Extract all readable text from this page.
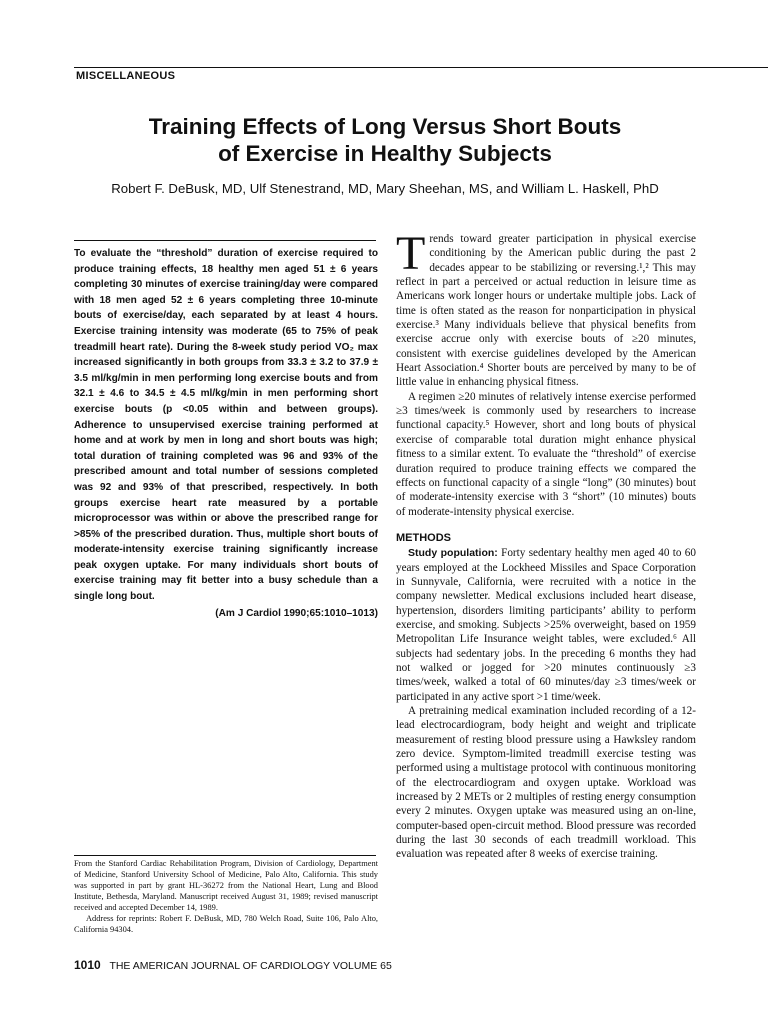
MISCELLANEOUS
Training Effects of Long Versus Short Bouts
of Exercise in Healthy Subjects
Robert F. DeBusk, MD, Ulf Stenestrand, MD, Mary Sheehan, MS, and William L. Haskell, PhD
To evaluate the “threshold” duration of exercise required to produce training effects, 18 healthy men aged 51 ± 6 years completing 30 minutes of exercise training/day were compared with 18 men aged 52 ± 6 years completing three 10-minute bouts of exercise/day, each separated by at least 4 hours. Exercise training intensity was moderate (65 to 75% of peak treadmill heart rate). During the 8-week study period VO₂ max increased significantly in both groups from 33.3 ± 3.2 to 37.9 ± 3.5 ml/kg/min in men performing long exercise bouts and from 32.1 ± 4.6 to 34.5 ± 4.5 ml/kg/min in men performing short exercise bouts (p <0.05 within and between groups). Adherence to unsupervised exercise training performed at home and at work by men in long and short bouts was high; total duration of training completed was 96 and 93% of the prescribed amount and total number of sessions completed was 92 and 93% of that prescribed, respectively. In both groups exercise heart rate measured by a portable microprocessor was within or above the prescribed range for >85% of the prescribed duration. Thus, multiple short bouts of moderate-intensity exercise training significantly increase peak oxygen uptake. For many individuals short bouts of exercise training may fit better into a busy schedule than a single long bout.
(Am J Cardiol 1990;65:1010–1013)

From the Stanford Cardiac Rehabilitation Program, Division of Cardiology, Department of Medicine, Stanford University School of Medicine, Palo Alto, California. This study was supported in part by grant HL-36272 from the National Heart, Lung and Blood Institute, Bethesda, Maryland. Manuscript received August 31, 1989; revised manuscript received and accepted December 14, 1989.

Address for reprints: Robert F. DeBusk, MD, 780 Welch Road, Suite 106, Palo Alto, California 94304.

1010 THE AMERICAN JOURNAL OF CARDIOLOGY VOLUME 65

Trends toward greater participation in physical exercise conditioning by the American public during the past 2 decades appear to be stabilizing or reversing.¹,² This may reflect in part a perceived or actual reduction in leisure time as Americans work longer hours or undertake multiple jobs. Lack of time is often stated as the reason for nonparticipation in physical exercise.³ Many individuals believe that physical benefits from exercise accrue only with exercise bouts of ≥20 minutes, consistent with exercise guidelines developed by the American Heart Association.⁴ Shorter bouts are perceived by many to be of little value in enhancing physical fitness.

A regimen ≥20 minutes of relatively intense exercise performed ≥3 times/week is commonly used by researchers to increase functional capacity.⁵ However, short and long bouts of physical exercise of comparable total duration might enhance physical fitness to a similar extent. To evaluate the “threshold” of exercise duration required to produce training effects we compared the effects on functional capacity of a single “long” (30 minutes) bout of moderate-intensity exercise with 3 “short” (10 minutes) bouts of moderate-intensity physical exercise.

METHODS

Study population: Forty sedentary healthy men aged 40 to 60 years employed at the Lockheed Missiles and Space Corporation in Sunnyvale, California, were recruited with a notice in the company newsletter. Medical exclusions included heart disease, hypertension, disorders limiting participants’ ability to perform exercise, and smoking. Subjects >25% overweight, based on 1959 Metropolitan Life Insurance weight tables, were excluded.⁶ All subjects had sedentary jobs. In the preceding 6 months they had not walked or jogged for >20 minutes continuously ≥3 times/week, walked a total of 60 minutes/day ≥3 times/week or participated in any active sport >1 time/week.

A pretraining medical examination included recording of a 12-lead electrocardiogram, body height and weight and triplicate measurement of resting blood pressure using a Hawksley random zero device. Symptom-limited treadmill exercise testing was performed using a multistage protocol with continuous monitoring of the electrocardiogram and oxygen uptake. Workload was increased by 2 METs or 2 multiples of resting energy consumption every 2 minutes. Oxygen uptake was measured using an on-line, computer-based open-circuit method. Blood pressure was recorded during the last 30 seconds of each treadmill workload. This evaluation was repeated after 8 weeks of exercise training.
